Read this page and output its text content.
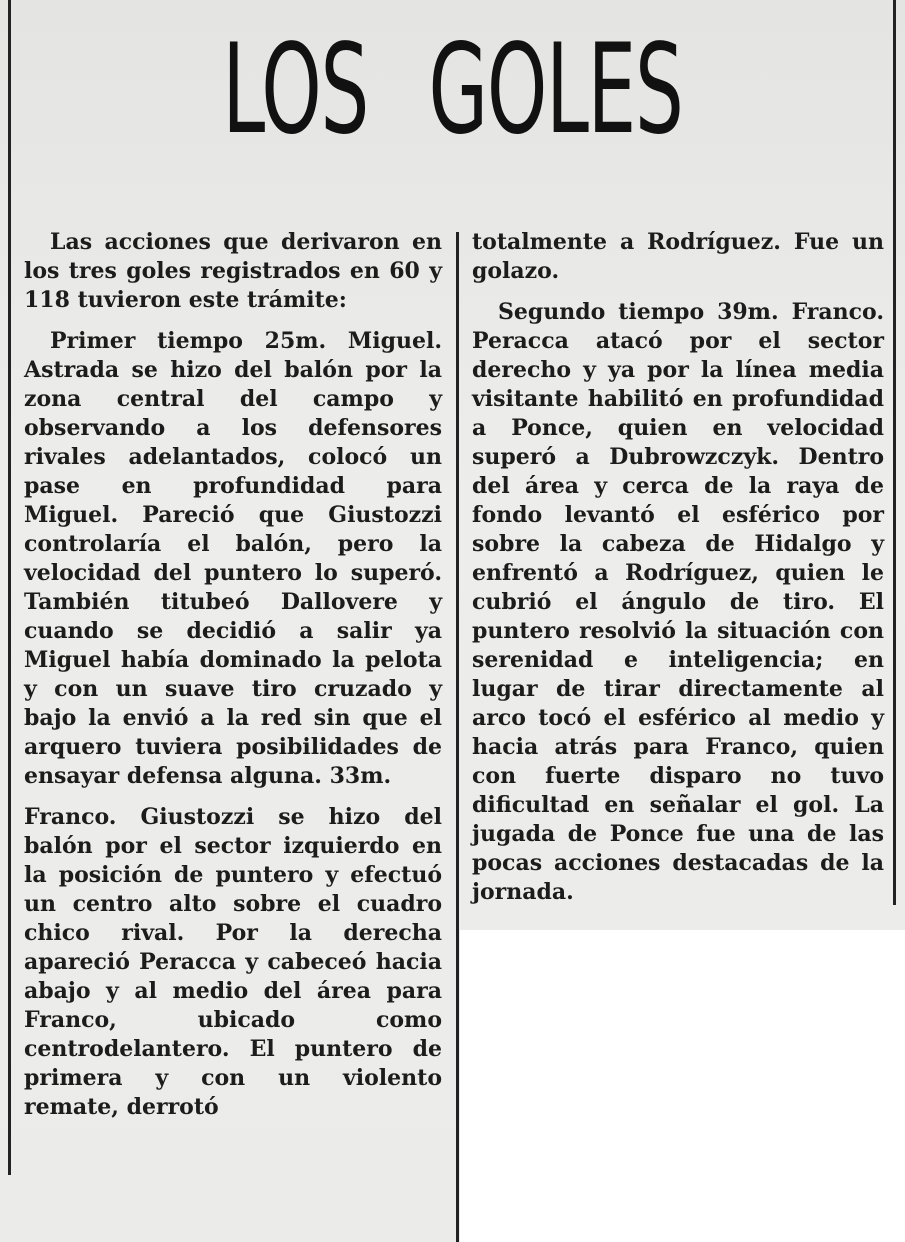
LOS GOLES

Las acciones que derivaron en los tres goles registrados en 60 y 118 tuvieron este trámite:

Primer tiempo 25m. Miguel. Astrada se hizo del balón por la zona central del campo y observando a los defensores rivales adelantados, colocó un pase en profundidad para Miguel. Pareció que Giustozzi controlaría el balón, pero la velocidad del puntero lo superó. También titubeó Dallovere y cuando se decidió a salir ya Miguel había dominado la pelota y con un suave tiro cruzado y bajo la envió a la red sin que el arquero tuviera posibilidades de ensayar defensa alguna. 33m.

Franco. Giustozzi se hizo del balón por el sector izquierdo en la posición de puntero y efectuó un centro alto sobre el cuadro chico rival. Por la derecha apareció Peracca y cabeceó hacia abajo y al medio del área para Franco, ubicado como centrodelantero. El puntero de primera y con un violento remate, derrotó

totalmente a Rodríguez. Fue un golazo.

Segundo tiempo 39m. Franco. Peracca atacó por el sector derecho y ya por la línea media visitante habilitó en profundidad a Ponce, quien en velocidad superó a Dubrowzczyk. Dentro del área y cerca de la raya de fondo levantó el esférico por sobre la cabeza de Hidalgo y enfrentó a Rodríguez, quien le cubrió el ángulo de tiro. El puntero resolvió la situación con serenidad e inteligencia; en lugar de tirar directamente al arco tocó el esférico al medio y hacia atrás para Franco, quien con fuerte disparo no tuvo dificultad en señalar el gol. La jugada de Ponce fue una de las pocas acciones destacadas de la jornada.
